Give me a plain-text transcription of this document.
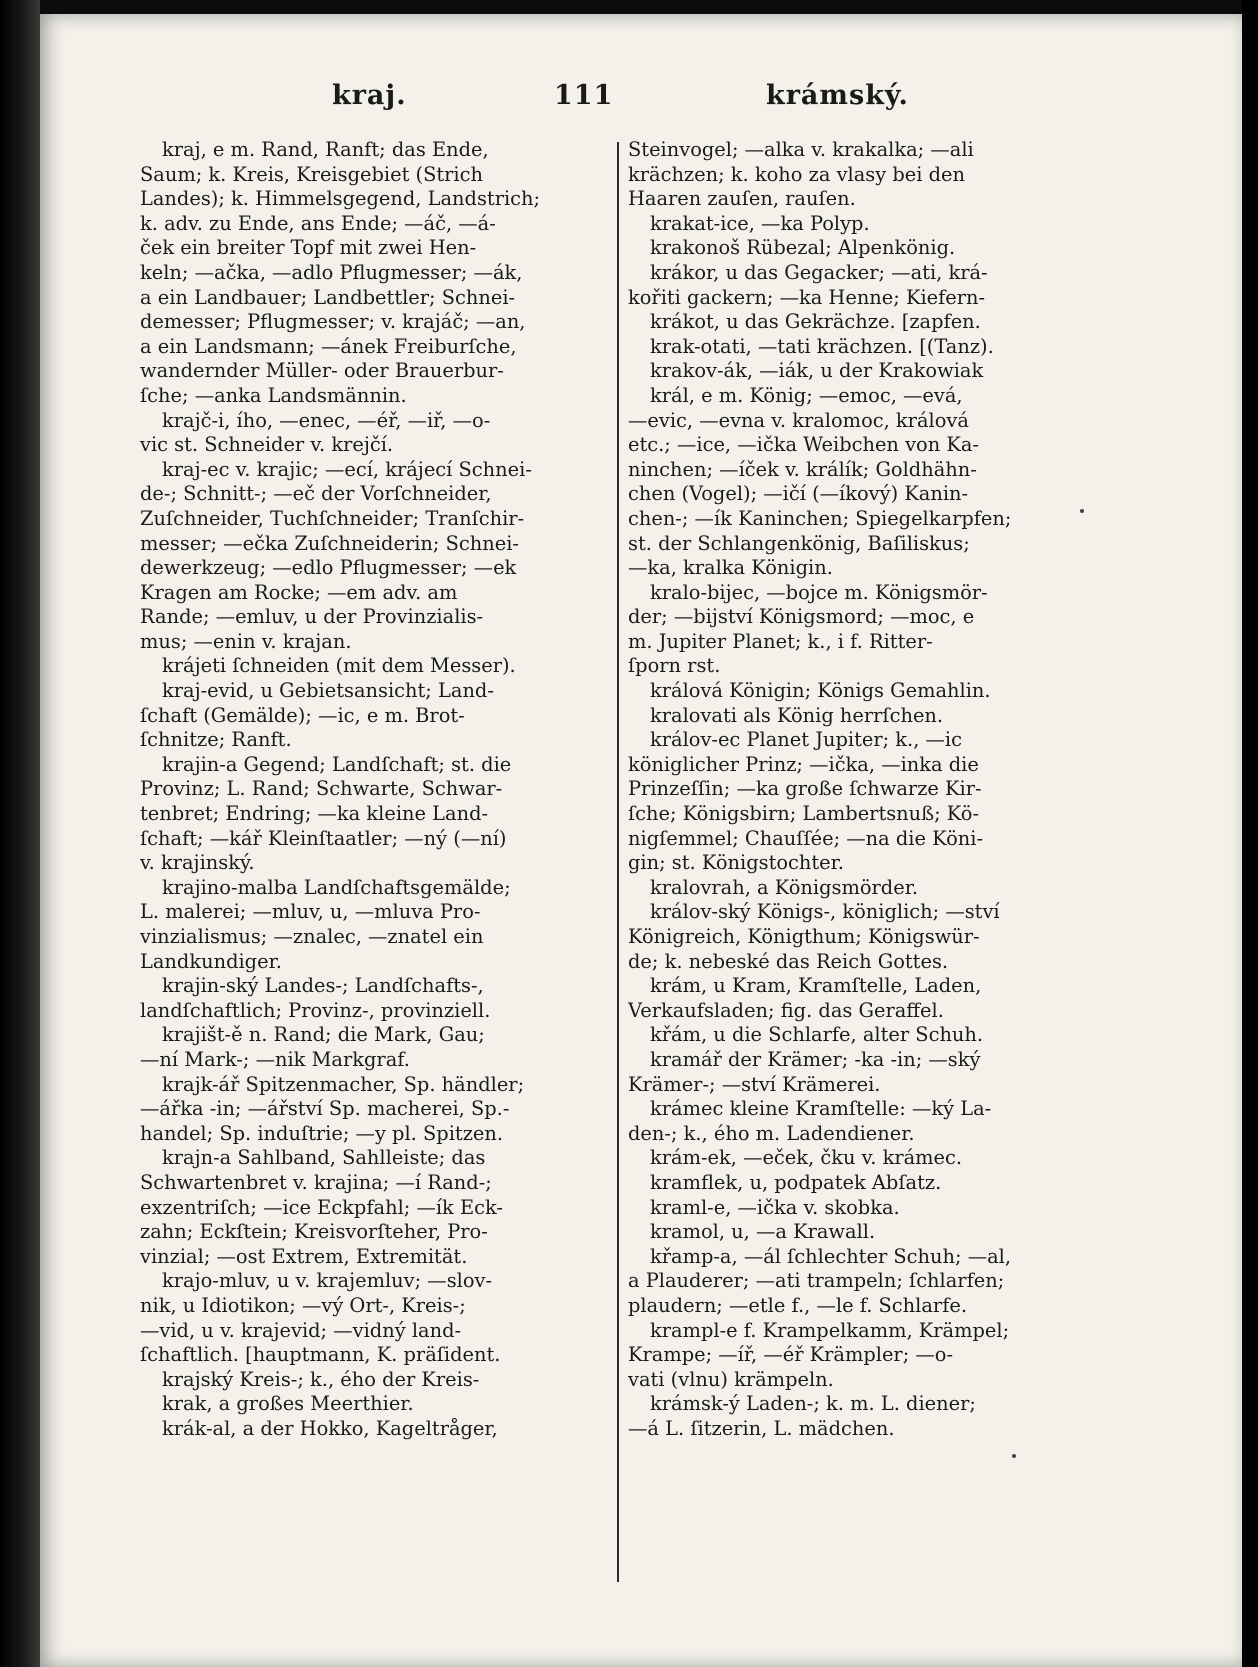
kraj.	111	krámský.
kraj, e m. Rand, Ranft; das Ende,
Saum; k. Kreis, Kreisgebiet (Strich
Landes); k. Himmelsgegend, Landstrich;
k. adv. zu Ende, ans Ende; —áč, —á-
ček ein breiter Topf mit zwei Hen-
keln; —ačka, —adlo Pflugmesser; —ák,
a ein Landbauer; Landbettler; Schnei-
demesser; Pflugmesser; v. krajáč; —an,
a ein Landsmann; —ánek Freiburſche,
wandernder Müller- oder Brauerbur-
ſche; —anka Landsmännin.
krajč-i, ího, —enec, —éř, —iř, —o-
vic st. Schneider v. krejčí.
kraj-ec v. krajic; —ecí, krájecí Schnei-
de-; Schnitt-; —eč der Vorſchneider,
Zuſchneider, Tuchſchneider; Tranſchir-
messer; —ečka Zuſchneiderin; Schnei-
dewerkzeug; —edlo Pflugmesser; —ek
Kragen am Rocke; —em adv. am
Rande; —emluv, u der Provinzialis-
mus; —enin v. krajan.
krájeti ſchneiden (mit dem Messer).
kraj-evid, u Gebietsansicht; Land-
ſchaft (Gemälde); —ic, e m. Brot-
ſchnitze; Ranft.
krajin-a Gegend; Landſchaft; st. die
Provinz; L. Rand; Schwarte, Schwar-
tenbret; Endring; —ka kleine Land-
ſchaft; —kář Kleinſtaatler; —ný (—ní)
v. krajinský.
krajino-malba Landſchaftsgemälde;
L. malerei; —mluv, u, —mluva Pro-
vinzialismus; —znalec, —znatel ein
Landkundiger.
krajin-ský Landes-; Landſchafts-,
landſchaftlich; Provinz-, provinziell.
krajišt-ě n. Rand; die Mark, Gau;
—ní Mark-; —nik Markgraf.
krajk-ář Spitzenmacher, Sp. händler;
—ářka -in; —ářství Sp. macherei, Sp.-
handel; Sp. induſtrie; —y pl. Spitzen.
krajn-a Sahlband, Sahlleiste; das
Schwartenbret v. krajina; —í Rand-;
exzentriſch; —ice Eckpfahl; —ík Eck-
zahn; Eckſtein; Kreisvorſteher, Pro-
vinzial; —ost Extrem, Extremität.
krajo-mluv, u v. krajemluv; —slov-
nik, u Idiotikon; —vý Ort-, Kreis-;
—vid, u v. krajevid; —vidný land-
ſchaftlich. [hauptmann, K. präſident.
krajský Kreis-; k., ého der Kreis-
krak, a großes Meerthier.
krák-al, a der Hokko, Kageltråger,
Steinvogel; —alka v. krakalka; —ali
krächzen; k. koho za vlasy bei den
Haaren zauſen, rauſen.
krakat-ice, —ka Polyp.
krakonoš Rübezal; Alpenkönig.
krákor, u das Gegacker; —ati, krá-
kořiti gackern; —ka Henne; Kiefern-
krákot, u das Gekrächze. [zapfen.
krak-otati, —tati krächzen. [(Tanz).
krakov-ák, —iák, u der Krakowiak
král, e m. König; —emoc, —evá,
—evic, —evna v. kralomoc, králová
etc.; —ice, —ička Weibchen von Ka-
ninchen; —íček v. králík; Goldhähn-
chen (Vogel); —ičí (—íkový) Kanin-
chen-; —ík Kaninchen; Spiegelkarpfen;
st. der Schlangenkönig, Baſiliskus;
—ka, kralka Königin.
kralo-bijec, —bojce m. Königsmör-
der; —bijství Königsmord; —moc, e
m. Jupiter Planet; k., i f. Ritter-
ſporn rst.
králová Königin; Königs Gemahlin.
kralovati als König herrſchen.
králov-ec Planet Jupiter; k., —ic
königlicher Prinz; —ička, —inka die
Prinzeſſin; —ka große ſchwarze Kir-
ſche; Königsbirn; Lambertsnuß; Kö-
nigſemmel; Chauſſée; —na die Köni-
gin; st. Königstochter.
kralovrah, a Königsmörder.
králov-ský Königs-, königlich; —ství
Königreich, Königthum; Königswür-
de; k. nebeské das Reich Gottes.
krám, u Kram, Kramſtelle, Laden,
Verkaufsladen; fig. das Geraffel.
křám, u die Schlarfe, alter Schuh.
kramář der Krämer; -ka -in; —ský
Krämer-; —ství Krämerei.
krámec kleine Kramſtelle: —ký La-
den-; k., ého m. Ladendiener.
krám-ek, —eček, čku v. krámec.
kramflek, u, podpatek Abſatz.
kraml-e, —ička v. skobka.
kramol, u, —a Krawall.
křamp-a, —ál ſchlechter Schuh; —al,
a Plauderer; —ati trampeln; ſchlarfen;
plaudern; —etle f., —le f. Schlarfe.
krampl-e f. Krampelkamm, Krämpel;
Krampe; —íř, —éř Krämpler; —o-
vati (vlnu) krämpeln.
krámsk-ý Laden-; k. m. L. diener;
—á L. ſitzerin, L. mädchen.
